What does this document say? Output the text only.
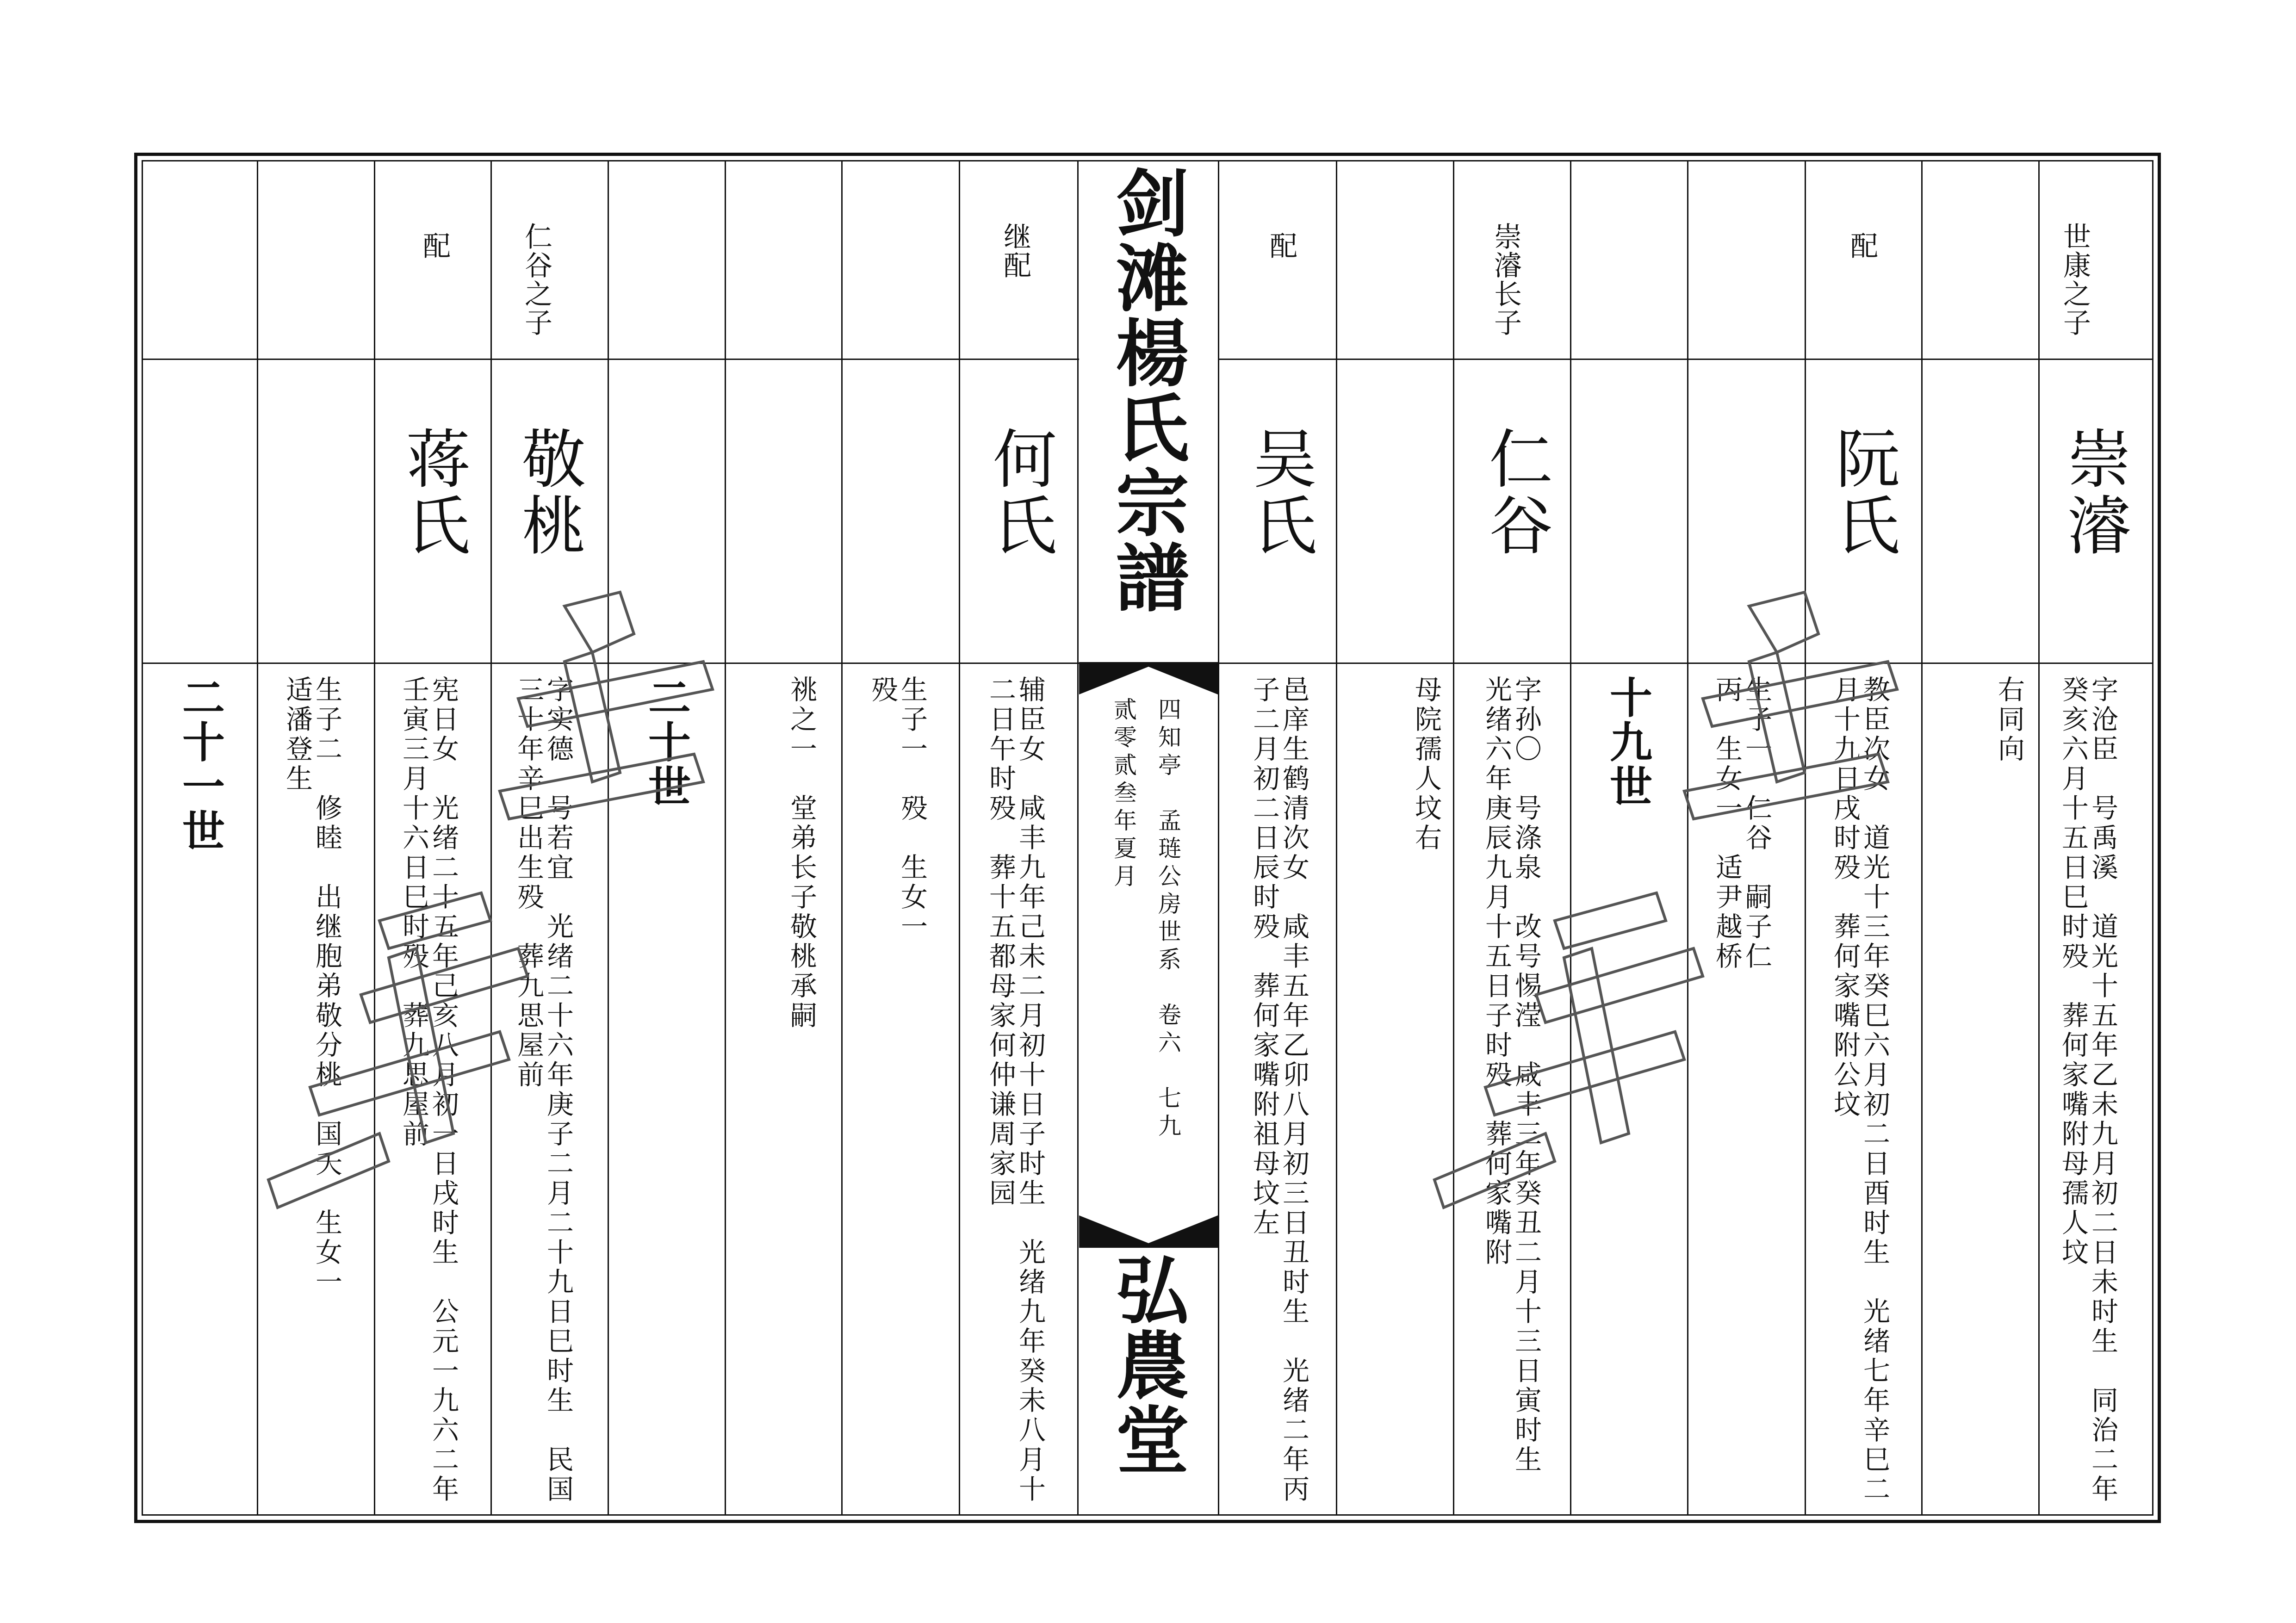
剑滩楊氏宗譜
四知亭　孟琏公房世系　卷六　七九
贰零贰叁年夏月
弘農堂
世康之子
崇濬
字沧臣　号禹溪　道光十五年乙未九月初二日未时生　同治二年癸亥六月十五日巳时殁　葬何家嘴附母孺人坟
右同向
配
阮氏
教臣次女　道光十三年癸巳六月初二日酉时生　光绪七年辛巳二月十九日戌时殁　葬何家嘴附公坟
生子一　仁谷　嗣子仁丙　生女一　适尹越桥
十九世
崇濬长子
仁谷
字孙〇　号涤泉　改号惕滢　咸丰三年癸丑二月十三日寅时生　光绪六年庚辰九月十五日子时殁　葬何家嘴附
母院孺人坟右
配
吴氏
邑庠生鹤清次女　咸丰五年乙卯八月初三日丑时生　光绪二年丙子二月初二日辰时殁　葬何家嘴附祖母坟左
继配
何氏
辅臣女　咸丰九年己未二月初十日子时生　光绪九年癸未八月十二日午时殁　葬十五都母家何仲谦周家园
生子一　殁　生女一　殁
祧之一　堂弟长子敬桃承嗣
二十世
仁谷之子
敬桃
字实德　号若宜　光绪二十六年庚子二月二十九日巳时生　民国三十年辛巳出生殁　葬九思屋前
配
蒋氏
宪日女　光绪二十五年己亥八月初一日戌时生　公元一九六二年壬寅三月十六日巳时殁　葬九思屋前
生子二　修睦　出继胞弟敬分桃　国夭　生女一　适潘登生
二十一世
